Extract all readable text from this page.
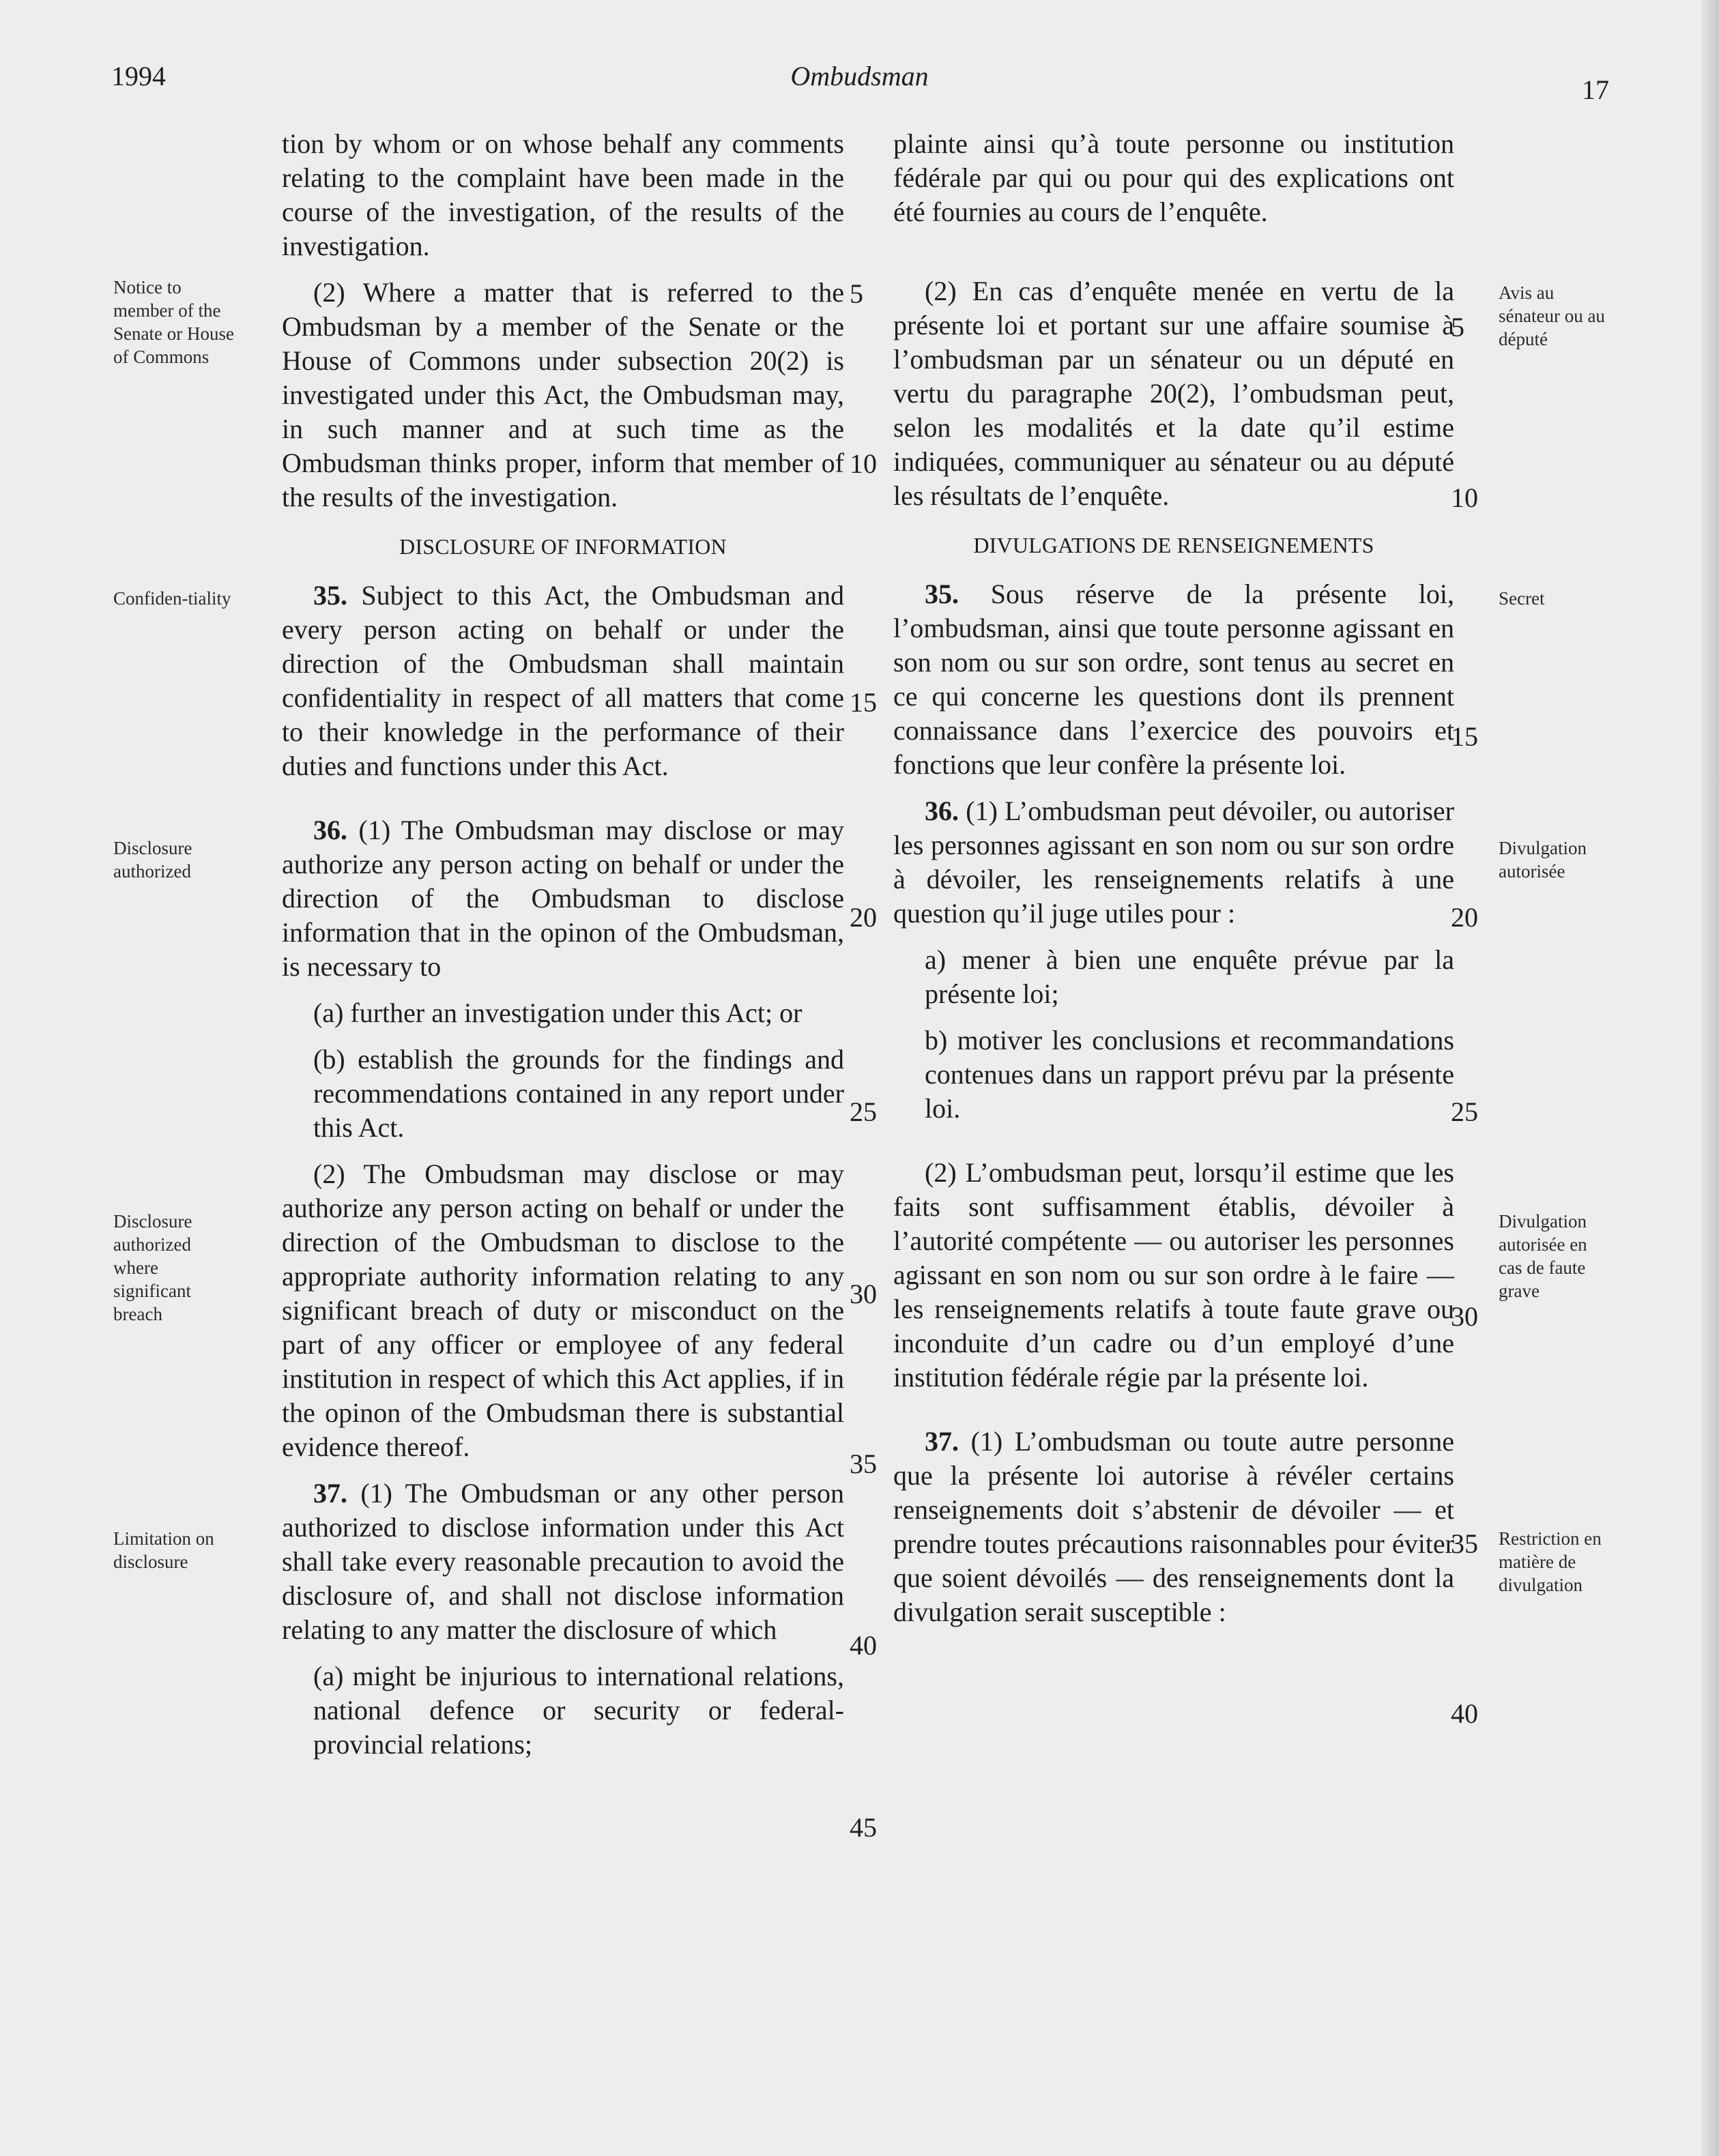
1994	Ombudsman	17
Notice to member of the Senate or House of Commons
Confiden-tiality
Disclosure authorized
Disclosure authorized where significant breach
Limitation on disclosure
Avis au sénateur ou au député
Secret
Divulgation autorisée
Divulgation autorisée en cas de faute grave
Restriction en matière de divulgation

tion by whom or on whose behalf any comments relating to the complaint have been made in the course of the investigation, of the results of the investigation.

(2) Where a matter that is referred to the Ombudsman by a member of the Senate or the House of Commons under subsection 20(2) is investigated under this Act, the Ombudsman may, in such manner and at such time as the Ombudsman thinks proper, inform that member of the results of the investigation.

DISCLOSURE OF INFORMATION

35. Subject to this Act, the Ombudsman and every person acting on behalf or under the direction of the Ombudsman shall maintain confidentiality in respect of all matters that come to their knowledge in the performance of their duties and functions under this Act.

36. (1) The Ombudsman may disclose or may authorize any person acting on behalf or under the direction of the Ombudsman to disclose information that in the opinon of the Ombudsman, is necessary to

(a) further an investigation under this Act; or

(b) establish the grounds for the findings and recommendations contained in any report under this Act.

(2) The Ombudsman may disclose or may authorize any person acting on behalf or under the direction of the Ombudsman to disclose to the appropriate authority information relating to any significant breach of duty or misconduct on the part of any officer or employee of any federal institution in respect of which this Act applies, if in the opinon of the Ombudsman there is substantial evidence thereof.

37. (1) The Ombudsman or any other person authorized to disclose information under this Act shall take every reasonable precaution to avoid the disclosure of, and shall not disclose information relating to any matter the disclosure of which

(a) might be injurious to international relations, national defence or security or federal-provincial relations;

plainte ainsi qu’à toute personne ou institution fédérale par qui ou pour qui des explications ont été fournies au cours de l’enquête.

(2) En cas d’enquête menée en vertu de la présente loi et portant sur une affaire soumise à l’ombudsman par un sénateur ou un député en vertu du paragraphe 20(2), l’ombudsman peut, selon les modalités et la date qu’il estime indiquées, communiquer au sénateur ou au député les résultats de l’enquête.

DIVULGATIONS DE RENSEIGNEMENTS

35. Sous réserve de la présente loi, l’ombudsman, ainsi que toute personne agissant en son nom ou sur son ordre, sont tenus au secret en ce qui concerne les questions dont ils prennent connaissance dans l’exercice des pouvoirs et fonctions que leur confère la présente loi.

36. (1) L’ombudsman peut dévoiler, ou autoriser les personnes agissant en son nom ou sur son ordre à dévoiler, les renseignements relatifs à une question qu’il juge utiles pour :

a) mener à bien une enquête prévue par la présente loi;

b) motiver les conclusions et recommandations contenues dans un rapport prévu par la présente loi.

(2) L’ombudsman peut, lorsqu’il estime que les faits sont suffisamment établis, dévoiler à l’autorité compétente — ou autoriser les personnes agissant en son nom ou sur son ordre à le faire — les renseignements relatifs à toute faute grave ou inconduite d’un cadre ou d’un employé d’une institution fédérale régie par la présente loi.

37. (1) L’ombudsman ou toute autre personne que la présente loi autorise à révéler certains renseignements doit s’abstenir de dévoiler — et prendre toutes précautions raisonnables pour éviter que soient dévoilés — des renseignements dont la divulgation serait susceptible :

5
10
15
20
25
30
35
40
45
5
10
15
20
25
30
35
40
